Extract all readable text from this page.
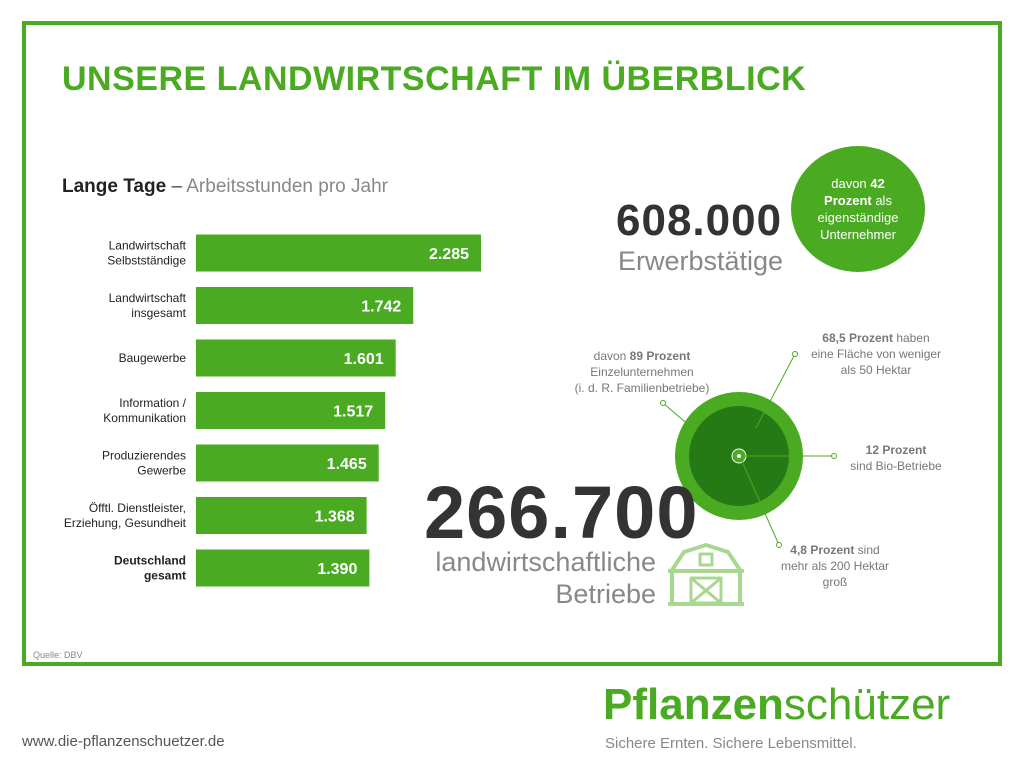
UNSERE LANDWIRTSCHAFT IM ÜBERBLICK
Lange Tage – Arbeitsstunden pro Jahr
2.285
Landwirtschaft
Selbstständige
1.742
Landwirtschaft
insgesamt
1.601
Baugewerbe
1.517
Information /
Kommunikation
1.465
Produzierendes
Gewerbe
1.368
Öfftl. Dienstleister,
Erziehung, Gesundheit
1.390
Deutschland
gesamt
608.000
Erwerbstätige
davon 42
Prozent als
eigenständige
Unternehmer
davon 89 Prozent
Einzelunternehmen
(i. d. R. Familienbetriebe)
68,5 Prozent haben
eine Fläche von weniger
als 50 Hektar
12 Prozent
sind Bio-Betriebe
4,8 Prozent sind
mehr als 200 Hektar
groß
266.700
landwirtschaftliche
Betriebe
Quelle: DBV
www.die-pflanzenschuetzer.de
Pflanzenschützer
Sichere Ernten. Sichere Lebensmittel.
